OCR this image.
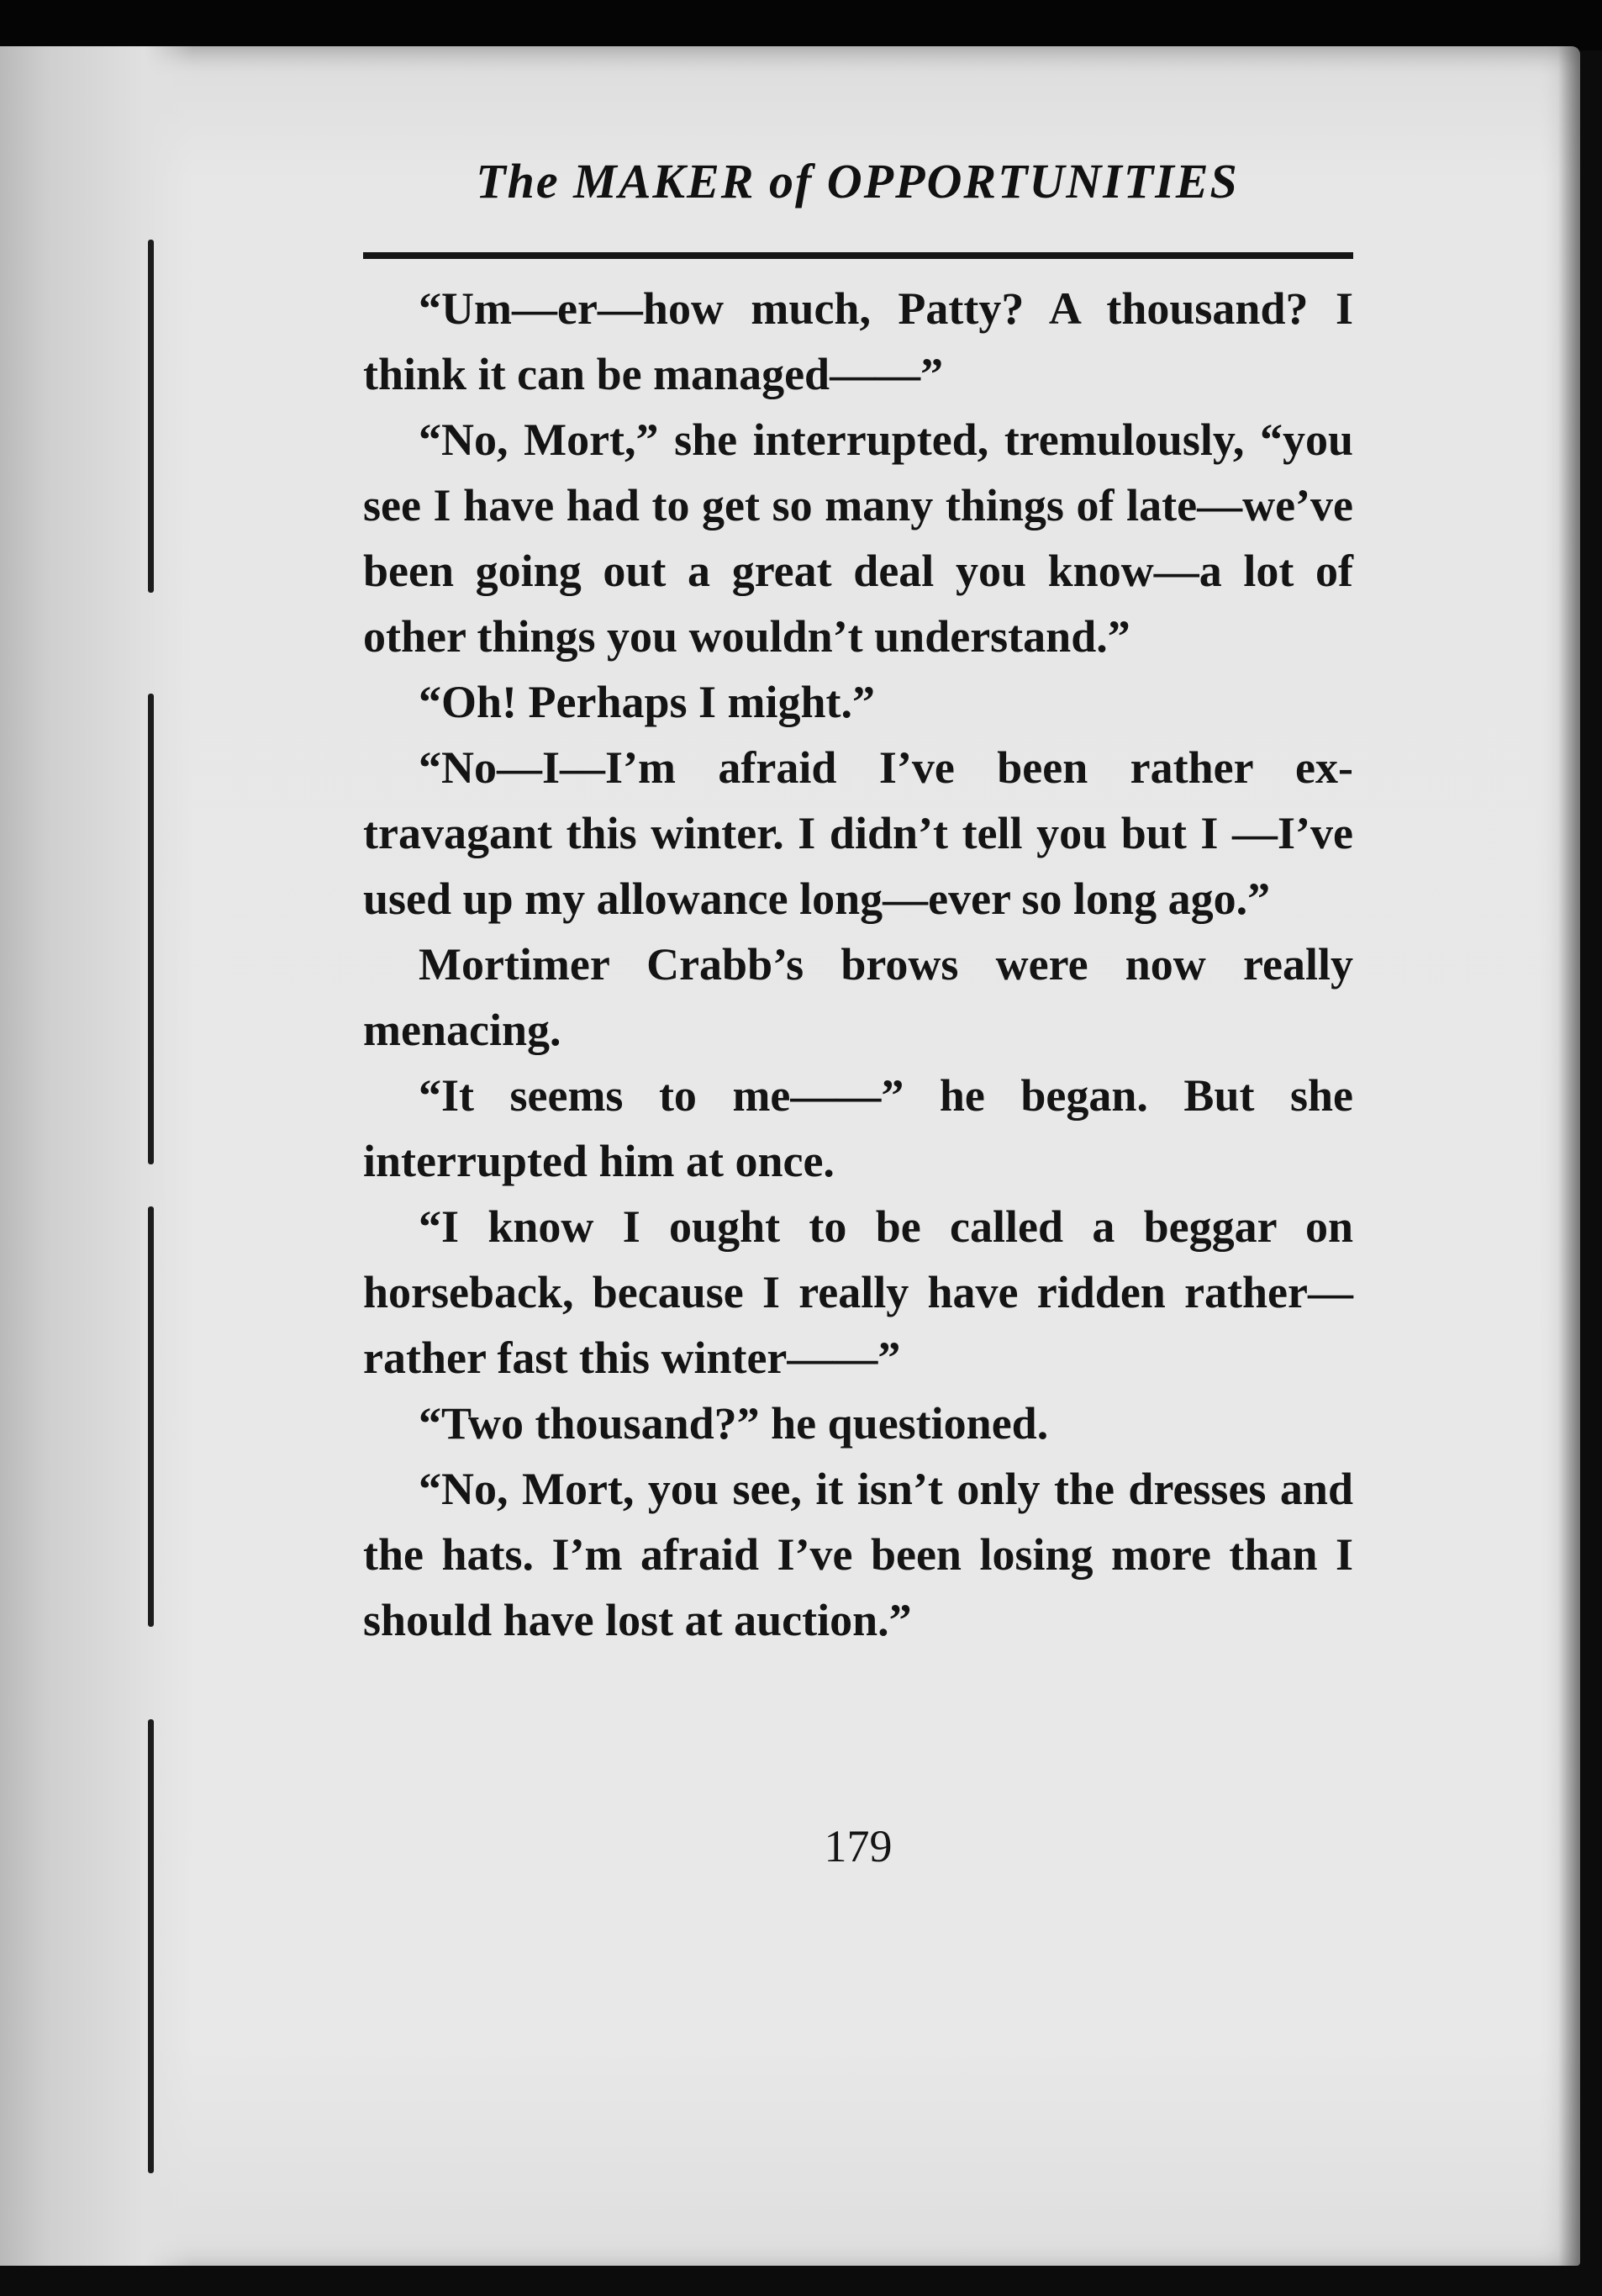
The MAKER of OPPORTUNITIES

“Um—er—how much, Patty? A thousand? I think it can be managed——”

“No, Mort,” she interrupted, tremulously, “you see I have had to get so many things of late—we’ve been going out a great deal you know—a lot of other things you wouldn’t understand.”

“Oh! Perhaps I might.”

“No—I—I’m afraid I’ve been rather extravagant this winter. I didn’t tell you but I —I’ve used up my allowance long—ever so long ago.”

Mortimer Crabb’s brows were now really menacing.

“It seems to me——” he began. But she interrupted him at once.

“I know I ought to be called a beggar on horseback, because I really have ridden rather—rather fast this winter——”

“Two thousand?” he questioned.

“No, Mort, you see, it isn’t only the dresses and the hats. I’m afraid I’ve been losing more than I should have lost at auction.”

179
